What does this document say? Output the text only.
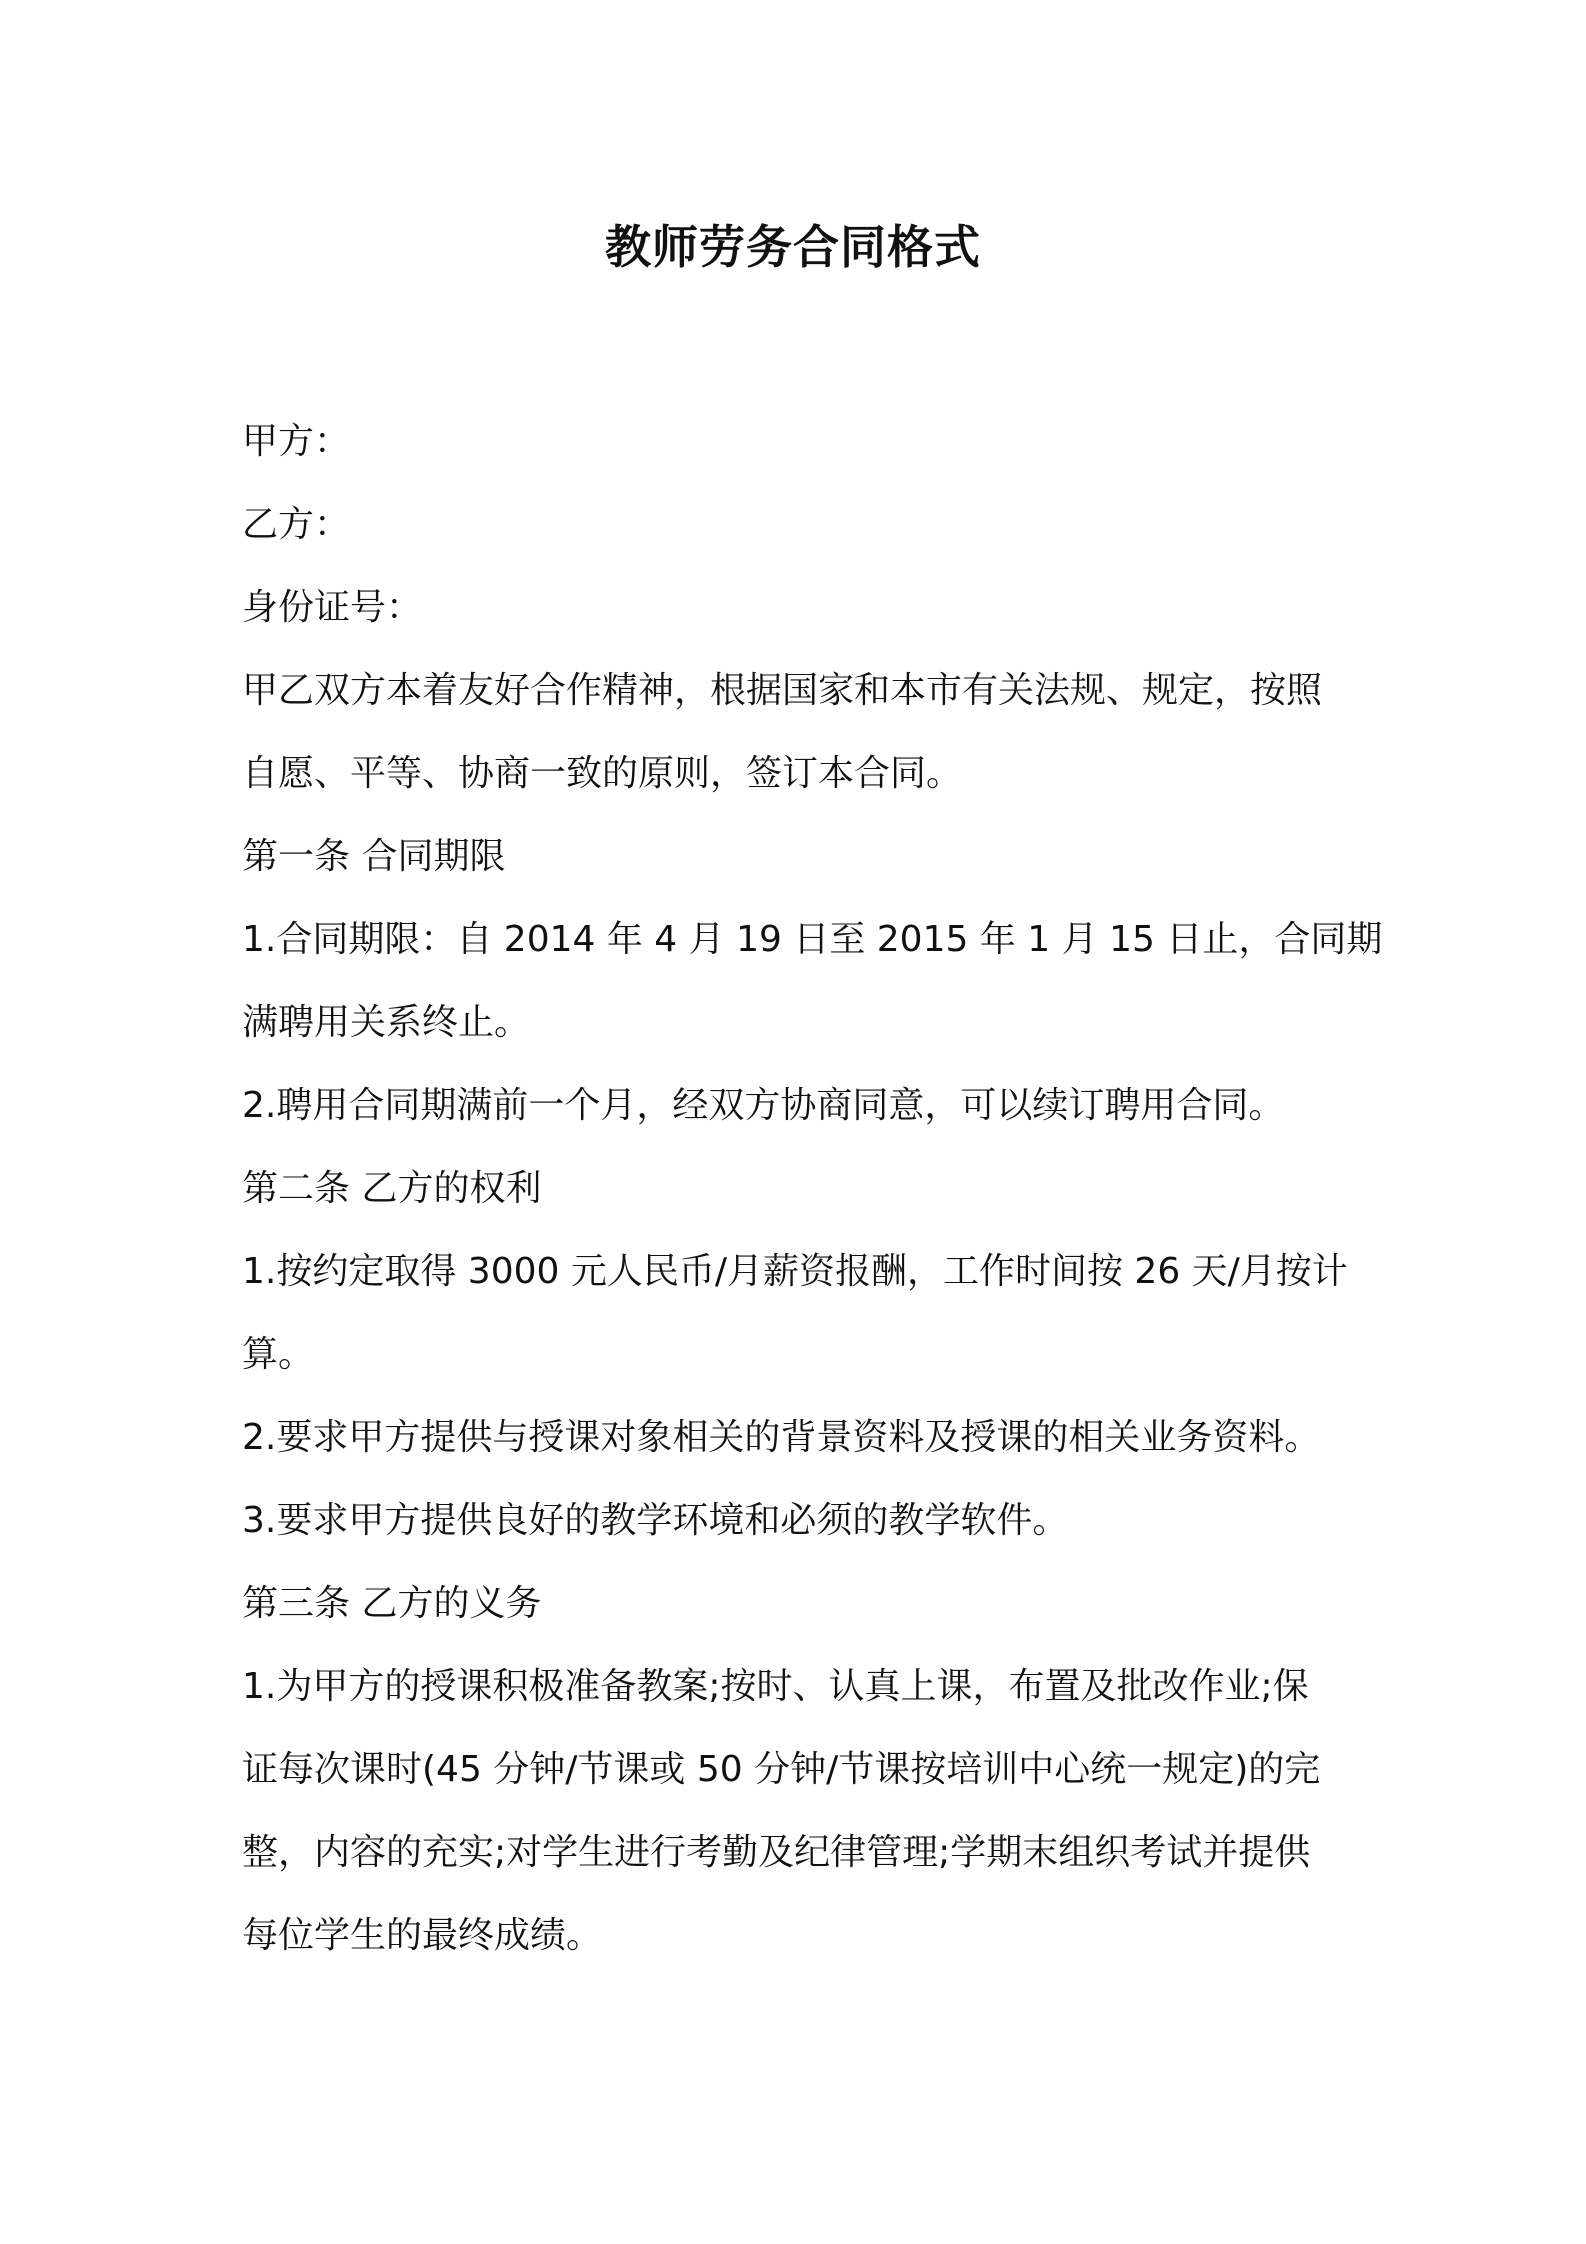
教师劳务合同格式
甲方：
乙方：
身份证号：
甲乙双方本着友好合作精神，根据国家和本市有关法规、规定，按照
自愿、平等、协商一致的原则，签订本合同。
第一条 合同期限
1.合同期限：自 2014 年 4 月 19 日至 2015 年 1 月 15 日止，合同期
满聘用关系终止。
2.聘用合同期满前一个月，经双方协商同意，可以续订聘用合同。
第二条 乙方的权利
1.按约定取得 3000 元人民币/月薪资报酬，工作时间按 26 天/月按计
算。
2.要求甲方提供与授课对象相关的背景资料及授课的相关业务资料。
3.要求甲方提供良好的教学环境和必须的教学软件。
第三条 乙方的义务
1.为甲方的授课积极准备教案;按时、认真上课，布置及批改作业;保
证每次课时(45 分钟/节课或 50 分钟/节课按培训中心统一规定)的完
整，内容的充实;对学生进行考勤及纪律管理;学期末组织考试并提供
每位学生的最终成绩。
